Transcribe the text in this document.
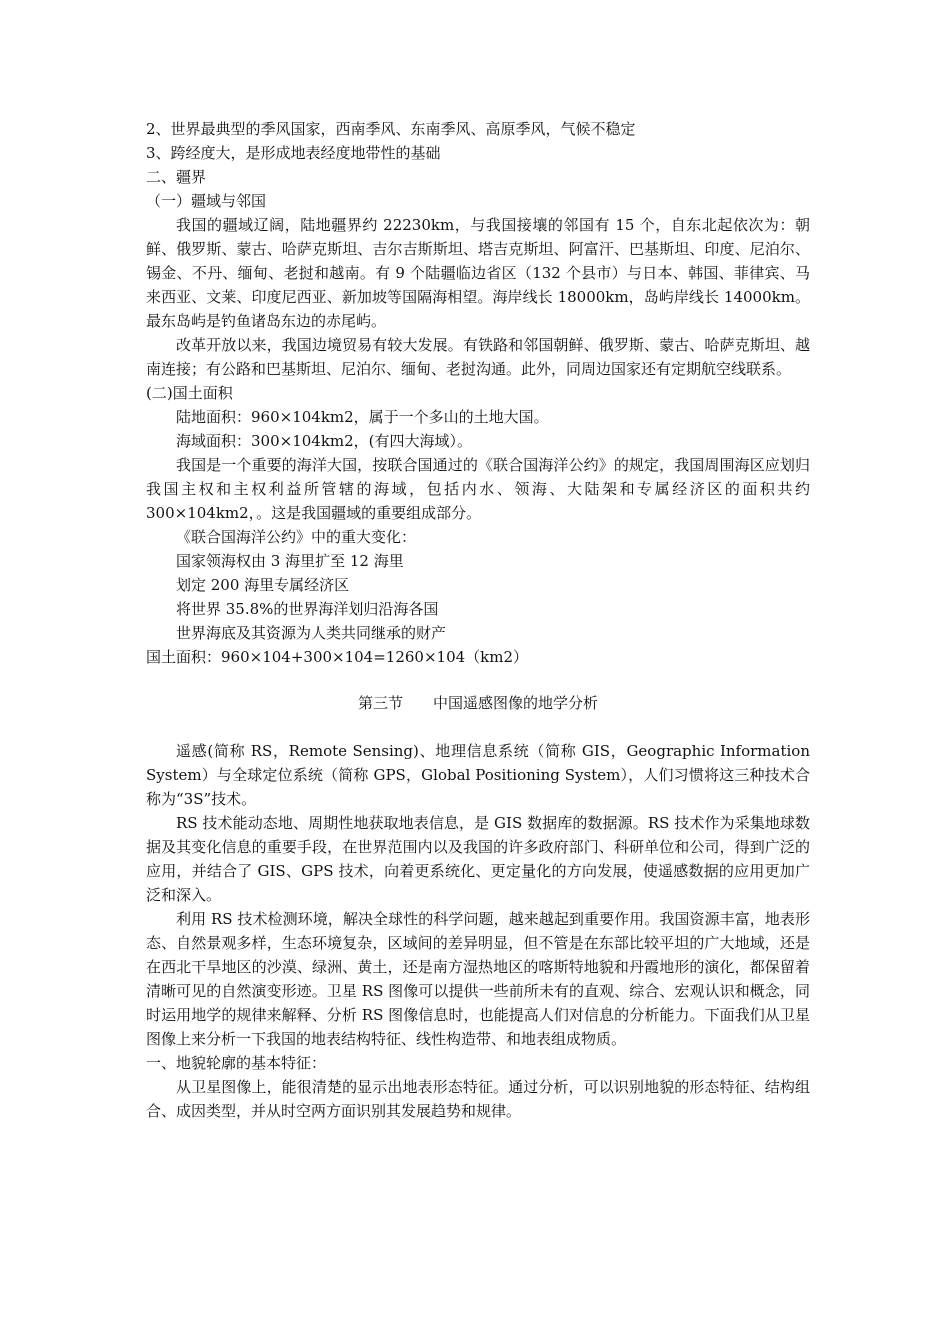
2、世界最典型的季风国家，西南季风、东南季风、高原季风，气候不稳定
3、跨经度大，是形成地表经度地带性的基础
二、疆界
（一）疆域与邻国
我国的疆域辽阔，陆地疆界约 22230km，与我国接壤的邻国有 15 个，自东北起依次为：朝鲜、俄罗斯、蒙古、哈萨克斯坦、吉尔吉斯斯坦、塔吉克斯坦、阿富汗、巴基斯坦、印度、尼泊尔、锡金、不丹、缅甸、老挝和越南。有 9 个陆疆临边省区（132 个县市）与日本、韩国、菲律宾、马来西亚、文莱、印度尼西亚、新加坡等国隔海相望。海岸线长 18000km，岛屿岸线长 14000km。最东岛屿是钓鱼诸岛东边的赤尾屿。
改革开放以来，我国边境贸易有较大发展。有铁路和邻国朝鲜、俄罗斯、蒙古、哈萨克斯坦、越南连接；有公路和巴基斯坦、尼泊尔、缅甸、老挝沟通。此外，同周边国家还有定期航空线联系。
(二)国土面积
陆地面积：960×104km2，属于一个多山的土地大国。
海域面积：300×104km2，(有四大海域）。
我国是一个重要的海洋大国，按联合国通过的《联合国海洋公约》的规定，我国周围海区应划归我国主权和主权利益所管辖的海域，包括内水、领海、大陆架和专属经济区的面积共约 300×104km2，。这是我国疆域的重要组成部分。
《联合国海洋公约》中的重大变化：
国家领海权由 3 海里扩至 12 海里
划定 200 海里专属经济区
将世界 35.8%的世界海洋划归沿海各国
世界海底及其资源为人类共同继承的财产
国土面积：960×104+300×104=1260×104（km2）
第三节　　中国遥感图像的地学分析
遥感(简称 RS，Remote Sensing)、地理信息系统（简称 GIS，Geographic Information System）与全球定位系统（简称 GPS，Global Positioning System），人们习惯将这三种技术合称为“3S”技术。
RS 技术能动态地、周期性地获取地表信息，是 GIS 数据库的数据源。RS 技术作为采集地球数据及其变化信息的重要手段，在世界范围内以及我国的许多政府部门、科研单位和公司，得到广泛的应用，并结合了 GIS、GPS 技术，向着更系统化、更定量化的方向发展，使遥感数据的应用更加广泛和深入。
利用 RS 技术检测环境，解决全球性的科学问题，越来越起到重要作用。我国资源丰富，地表形态、自然景观多样，生态环境复杂，区域间的差异明显，但不管是在东部比较平坦的广大地域，还是在西北干旱地区的沙漠、绿洲、黄土，还是南方湿热地区的喀斯特地貌和丹霞地形的演化，都保留着清晰可见的自然演变形迹。卫星 RS 图像可以提供一些前所未有的直观、综合、宏观认识和概念，同时运用地学的规律来解释、分析 RS 图像信息时，也能提高人们对信息的分析能力。下面我们从卫星图像上来分析一下我国的地表结构特征、线性构造带、和地表组成物质。
一、地貌轮廓的基本特征：
从卫星图像上，能很清楚的显示出地表形态特征。通过分析，可以识别地貌的形态特征、结构组合、成因类型，并从时空两方面识别其发展趋势和规律。
